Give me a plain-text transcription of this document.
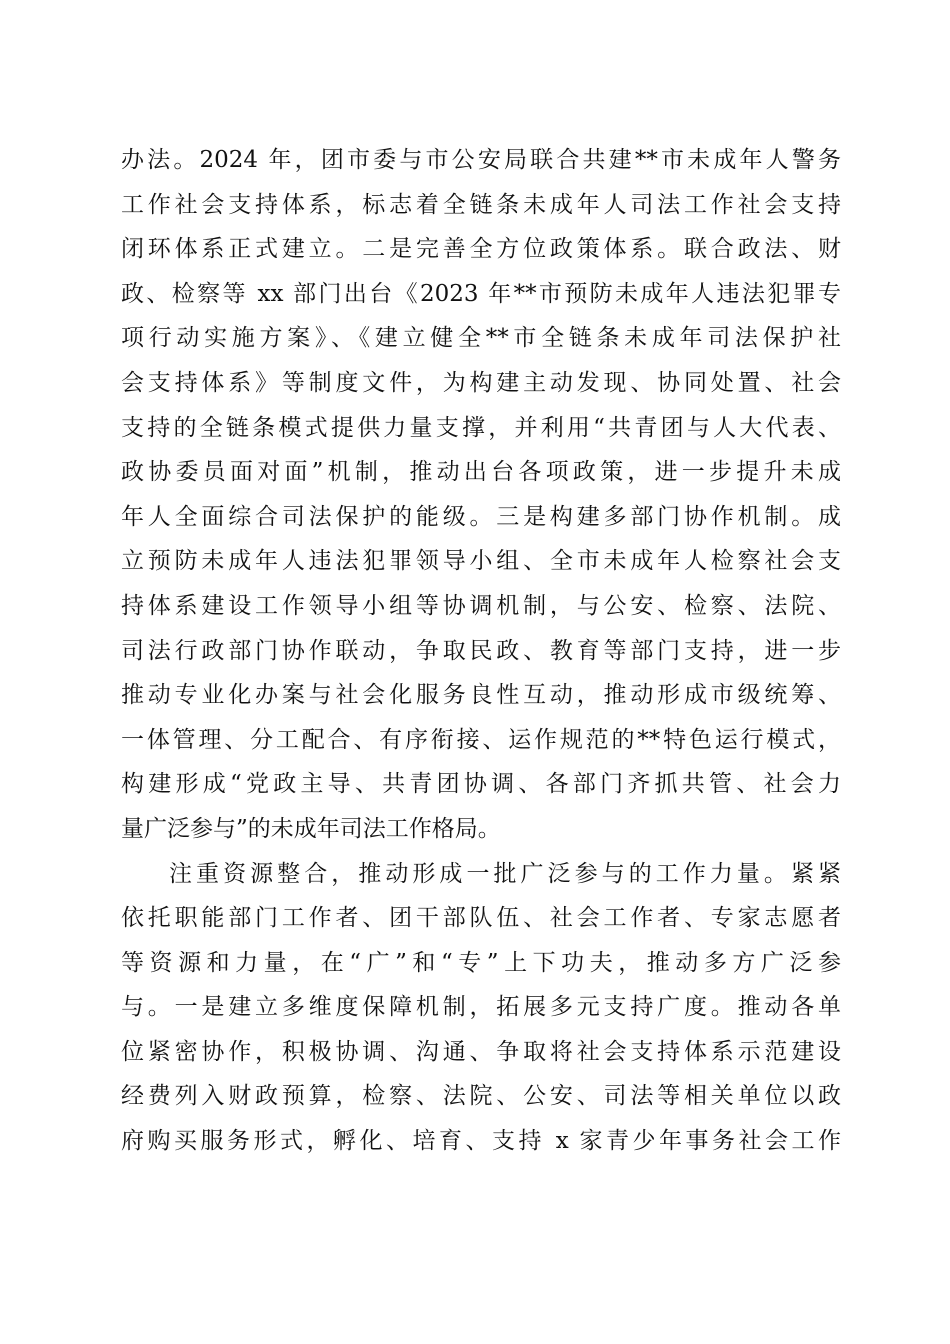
办法。2024 年，团市委与市公安局联合共建**市未成年人警务
工作社会支持体系，标志着全链条未成年人司法工作社会支持
闭环体系正式建立。二是完善全方位政策体系。联合政法、财
政、检察等 xx 部门出台《2023 年**市预防未成年人违法犯罪专
项行动实施方案》、《建立健全**市全链条未成年司法保护社
会支持体系》等制度文件，为构建主动发现、协同处置、社会
支持的全链条模式提供力量支撑，并利用“共青团与人大代表、
政协委员面对面”机制，推动出台各项政策，进一步提升未成
年人全面综合司法保护的能级。三是构建多部门协作机制。成
立预防未成年人违法犯罪领导小组、全市未成年人检察社会支
持体系建设工作领导小组等协调机制，与公安、检察、法院、
司法行政部门协作联动，争取民政、教育等部门支持，进一步
推动专业化办案与社会化服务良性互动，推动形成市级统筹、
一体管理、分工配合、有序衔接、运作规范的**特色运行模式，
构建形成“党政主导、共青团协调、各部门齐抓共管、社会力
量广泛参与”的未成年司法工作格局。
注重资源整合，推动形成一批广泛参与的工作力量。紧紧
依托职能部门工作者、团干部队伍、社会工作者、专家志愿者
等资源和力量，在“广”和“专”上下功夫，推动多方广泛参
与。一是建立多维度保障机制，拓展多元支持广度。推动各单
位紧密协作，积极协调、沟通、争取将社会支持体系示范建设
经费列入财政预算，检察、法院、公安、司法等相关单位以政
府购买服务形式，孵化、培育、支持 x 家青少年事务社会工作
